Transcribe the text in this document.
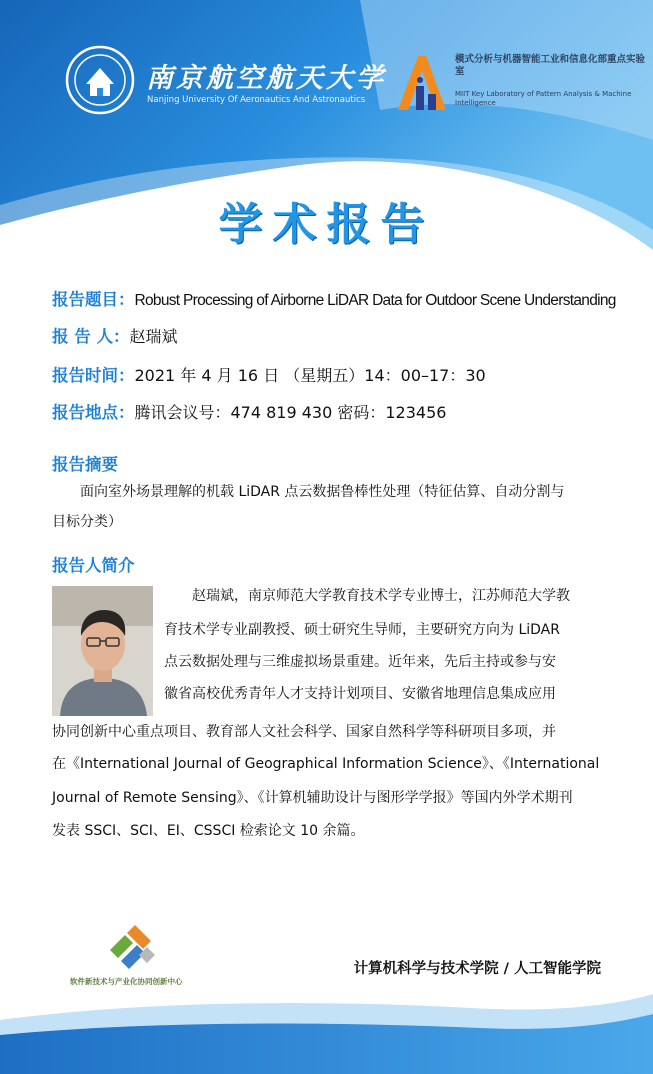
南京航空航天大学
Nanjing University Of Aeronautics And Astronautics
模式分析与机器智能工业和信息化部重点实验室
MIIT Key Laboratory of Pattern Analysis & Machine Intelligence
学术报告
报告题目：Robust Processing of Airborne LiDAR Data for Outdoor Scene Understanding
报 告 人：赵瑞斌
报告时间：2021 年 4 月 16 日 （星期五）14：00–17：30
报告地点：腾讯会议号：474 819 430 密码：123456
报告摘要
面向室外场景理解的机载 LiDAR 点云数据鲁棒性处理（特征估算、自动分割与
目标分类）
报告人简介
赵瑞斌，南京师范大学教育技术学专业博士，江苏师范大学教
育技术学专业副教授、硕士研究生导师，主要研究方向为 LiDAR
点云数据处理与三维虚拟场景重建。近年来，先后主持或参与安
徽省高校优秀青年人才支持计划项目、安徽省地理信息集成应用
协同创新中心重点项目、教育部人文社会科学、国家自然科学等科研项目多项，并
在《International Journal of Geographical Information Science》、《International
Journal of Remote Sensing》、《计算机辅助设计与图形学学报》等国内外学术期刊
发表 SSCI、SCI、EI、CSSCI 检索论文 10 余篇。
软件新技术与产业化协同创新中心
计算机科学与技术学院 / 人工智能学院
